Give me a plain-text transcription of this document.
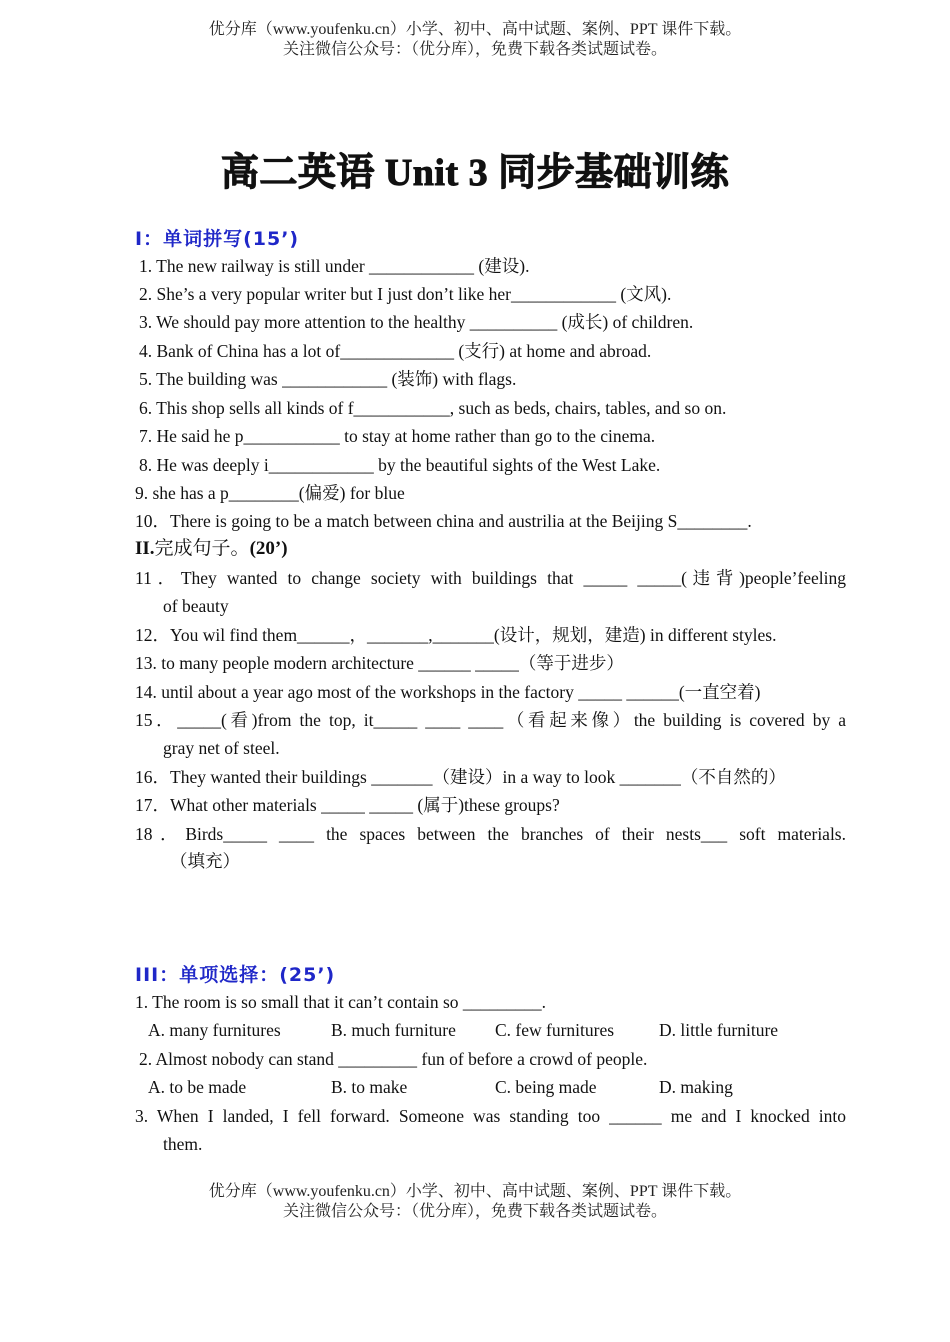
优分库（www.youfenku.cn）小学、初中、高中试题、案例、PPT 课件下载。
关注微信公众号：（优分库），免费下载各类试题试卷。
高二英语 Unit 3 同步基础训练
I：单词拼写(15’)
1. The new railway is still under ____________ (建设).
2. She’s a very popular writer but I just don’t like her____________ (文风).
3. We should pay more attention to the healthy __________ (成长) of children.
4. Bank of China has a lot of_____________ (支行) at home and abroad.
5. The building was ____________ (装饰) with flags.
6. This shop sells all kinds of f___________, such as beds, chairs, tables, and so on.
7. He said he p___________ to stay at home rather than go to the cinema.
8. He was deeply i____________ by the beautiful sights of the West Lake.
9. she has a p________(偏爱) for blue
10．There is going to be a match between china and austrilia at the Beijing S________.
II.完成句子。(20’)
11．They wanted to change society with buildings that _____ _____(违背)people’feeling
of beauty
12．You wil find them______，_______,_______(设计，规划，建造) in different styles.
13. to many people modern architecture ______ _____（等于进步）
14. until about a year ago most of the workshops in the factory _____ ______(一直空着)
15．_____(看)from the top, it_____ ____ ____（看起来像）the building is covered by a
gray net of steel.
16．They wanted their buildings _______（建设）in a way to look _______（不自然的）
17．What other materials _____ _____ (属于)these groups?
18．Birds_____ ____ the spaces between the branches of their nests___ soft materials.
（填充）
III：单项选择：(25’)
1. The room is so small that it can’t contain so _________.
A. many furnitures	B. much furniture C. few furnitures	D. little furniture
2. Almost nobody can stand _________ fun of before a crowd of people.
A. to be made	B. to make	C. being made	D. making
3. When I landed, I fell forward. Someone was standing too ______ me and I knocked into
them.
优分库（www.youfenku.cn）小学、初中、高中试题、案例、PPT 课件下载。
关注微信公众号：（优分库），免费下载各类试题试卷。
